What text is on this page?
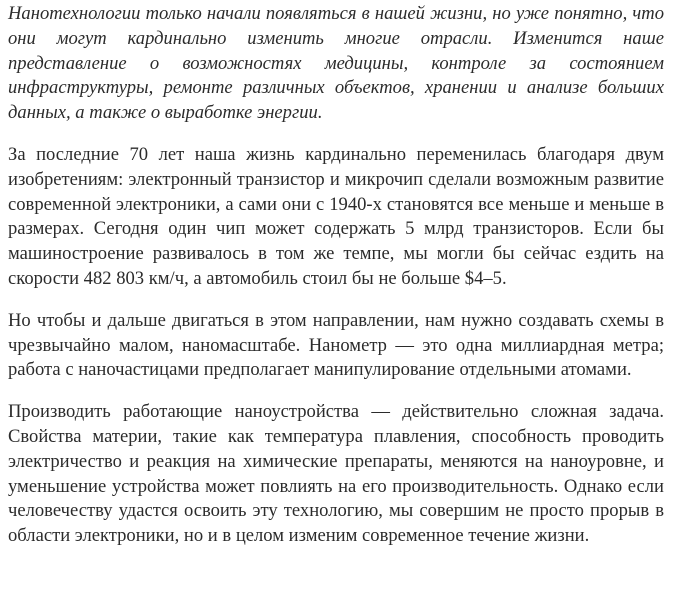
Нанотехнологии только начали появляться в нашей жизни, но уже понятно, что они могут кардинально изменить многие отрасли. Изменится наше представление о возможностях медицины, контроле за состоянием инфраструктуры, ремонте различных объектов, хранении и анализе больших данных, а также о выработке энергии.

За последние 70 лет наша жизнь кардинально переменилась благодаря двум изобретениям: электронный транзистор и микрочип сделали возможным развитие современной электроники, а сами они с 1940-х становятся все меньше и меньше в размерах. Сегодня один чип может содержать 5 млрд транзисторов. Если бы машиностроение развивалось в том же темпе, мы могли бы сейчас ездить на скорости 482 803 км/ч, а автомобиль стоил бы не больше $4–5.

Но чтобы и дальше двигаться в этом направлении, нам нужно создавать схемы в чрезвычайно малом, наномасштабе. Нанометр — это одна миллиардная метра; работа с наночастицами предполагает манипулирование отдельными атомами.

Производить работающие наноустройства — действительно сложная задача. Свойства материи, такие как температура плавления, способность проводить электричество и реакция на химические препараты, меняются на наноуровне, и уменьшение устройства может повлиять на его производительность. Однако если человечеству удастся освоить эту технологию, мы совершим не просто прорыв в области электроники, но и в целом изменим современное течение жизни.
